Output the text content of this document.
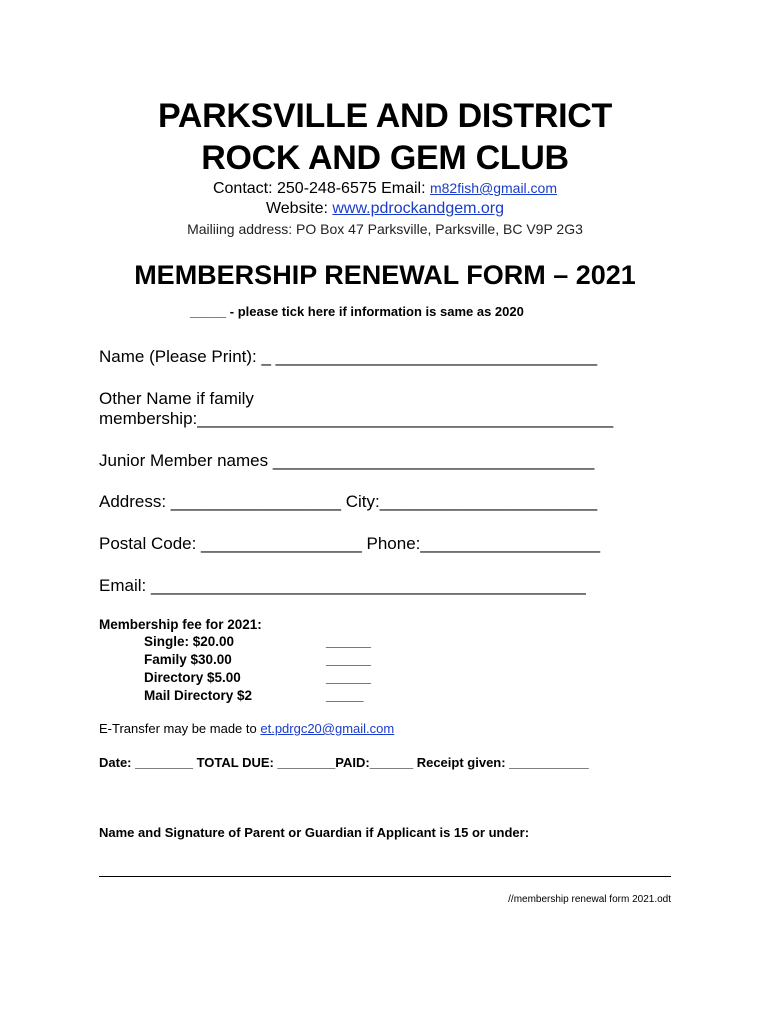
PARKSVILLE AND DISTRICT
ROCK AND GEM CLUB
Contact: 250-248-6575 Email: m82fish@gmail.com
Website: www.pdrockandgem.org
Mailiing address: PO Box 47 Parksville, Parksville, BC V9P 2G3
MEMBERSHIP RENEWAL FORM – 2021
_____ - please tick here if information is same as 2020
Name (Please Print): _ __________________________________
Other Name if family
membership:____________________________________________
Junior Member names __________________________________
Address: __________________ City:_______________________
Postal Code: _________________ Phone:___________________
Email: ______________________________________________
Membership fee for 2021:
Single: $20.00	______
Family $30.00	______
Directory $5.00	______
Mail Directory $2	_____
E-Transfer may be made to et.pdrgc20@gmail.com
Date: ________ TOTAL DUE: ________PAID:______ Receipt given: ___________
Name and Signature of Parent or Guardian if Applicant is 15 or under:
//membership renewal form 2021.odt
